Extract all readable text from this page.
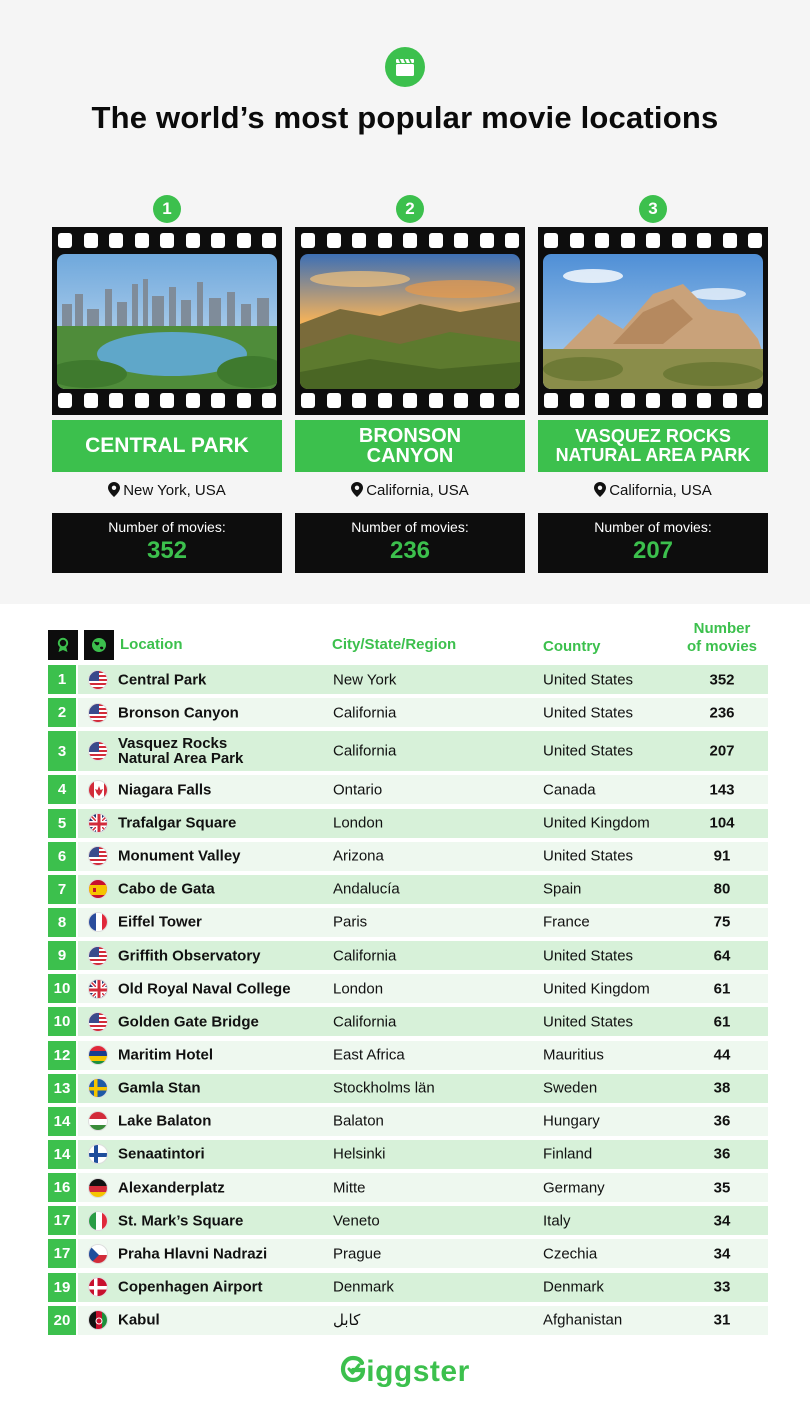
The world’s most popular movie locations
1
CENTRAL PARK
New York, USA
Number of movies:
352
2
BRONSON
CANYON
California, USA
Number of movies:
236
3
VASQUEZ ROCKS
NATURAL AREA PARK
California, USA
Number of movies:
207
Location	City/State/Region	Country
Number
of movies
1	Central Park	New York	United States	352
2	Bronson Canyon	California	United States	236
3	Vasquez Rocks
Natural Area Park	California	United States	207
4	Niagara Falls	Ontario	Canada	143
5	Trafalgar Square	London	United Kingdom	104
6	Monument Valley	Arizona	United States	91
7	Cabo de Gata	Andalucía	Spain	80
8	Eiffel Tower	Paris	France	75
9	Griffith Observatory	California	United States	64
10	Old Royal Naval College	London	United Kingdom	61
10	Golden Gate Bridge	California	United States	61
12	Maritim Hotel	East Africa	Mauritius	44
13	Gamla Stan	Stockholms län	Sweden	38
14	Lake Balaton	Balaton	Hungary	36
14	Senaatintori	Helsinki	Finland	36
16	Alexanderplatz	Mitte	Germany	35
17	St. Mark’s Square	Veneto	Italy	34
17	Praha Hlavni Nadrazi	Prague	Czechia	34
19	Copenhagen Airport	Denmark	Denmark	33
20	Kabul	کابل	Afghanistan	31
iggster
